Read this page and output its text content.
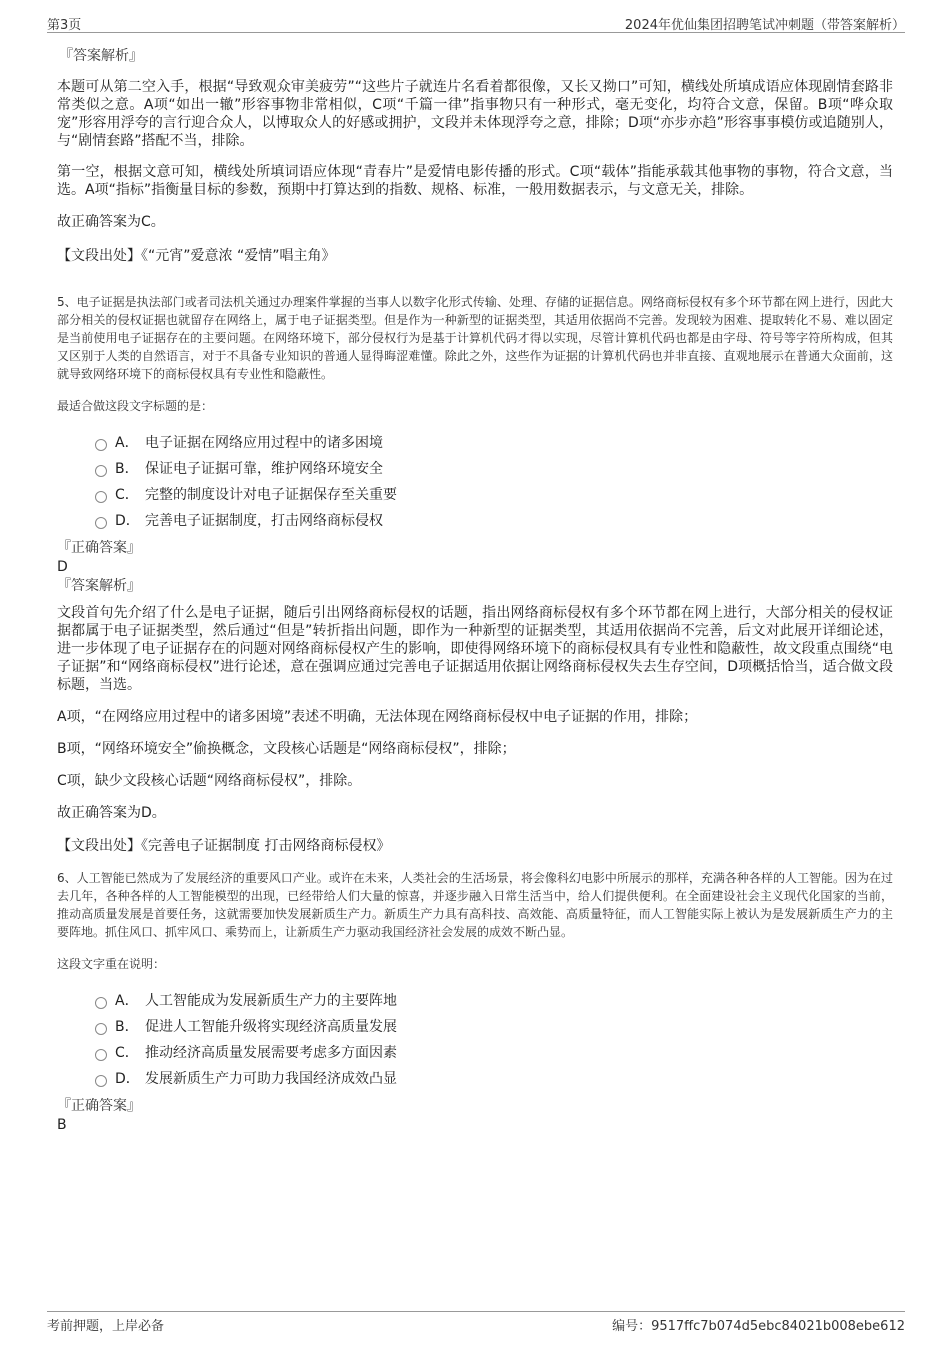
第3页	2024年优仙集团招聘笔试冲刺题（带答案解析）
『答案解析』

本题可从第二空入手，根据“导致观众审美疲劳”“这些片子就连片名看着都很像，又长又拗口”可知，横线处所填成语应体现剧情套路非常类似之意。A项“如出一辙”形容事物非常相似，C项“千篇一律”指事物只有一种形式，毫无变化，均符合文意，保留。B项“哗众取宠”形容用浮夸的言行迎合众人，以博取众人的好感或拥护，文段并未体现浮夸之意，排除；D项“亦步亦趋”形容事事模仿或追随别人，与“剧情套路”搭配不当，排除。

第一空，根据文意可知，横线处所填词语应体现“青春片”是爱情电影传播的形式。C项“载体”指能承载其他事物的事物，符合文意，当选。A项“指标”指衡量目标的参数，预期中打算达到的指数、规格、标准，一般用数据表示，与文意无关，排除。

故正确答案为C。

【文段出处】《“元宵”爱意浓 “爱情”唱主角》

5、电子证据是执法部门或者司法机关通过办理案件掌握的当事人以数字化形式传输、处理、存储的证据信息。网络商标侵权有多个环节都在网上进行，因此大部分相关的侵权证据也就留存在网络上，属于电子证据类型。但是作为一种新型的证据类型，其适用依据尚不完善。发现较为困难、提取转化不易、难以固定是当前使用电子证据存在的主要问题。在网络环境下，部分侵权行为是基于计算机代码才得以实现，尽管计算机代码也都是由字母、符号等字符所构成，但其又区别于人类的自然语言，对于不具备专业知识的普通人显得晦涩难懂。除此之外，这些作为证据的计算机代码也并非直接、直观地展示在普通大众面前，这就导致网络环境下的商标侵权具有专业性和隐蔽性。

最适合做这段文字标题的是：

A． 电子证据在网络应用过程中的诸多困境
B． 保证电子证据可靠，维护网络环境安全
C． 完整的制度设计对电子证据保存至关重要
D． 完善电子证据制度，打击网络商标侵权
『正确答案』
D
『答案解析』

文段首句先介绍了什么是电子证据，随后引出网络商标侵权的话题，指出网络商标侵权有多个环节都在网上进行，大部分相关的侵权证据都属于电子证据类型，然后通过“但是”转折指出问题，即作为一种新型的证据类型，其适用依据尚不完善，后文对此展开详细论述，进一步体现了电子证据存在的问题对网络商标侵权产生的影响，即使得网络环境下的商标侵权具有专业性和隐蔽性，故文段重点围绕“电子证据”和“网络商标侵权”进行论述，意在强调应通过完善电子证据适用依据让网络商标侵权失去生存空间，D项概括恰当，适合做文段标题，当选。

A项，“在网络应用过程中的诸多困境”表述不明确，无法体现在网络商标侵权中电子证据的作用，排除；

B项，“网络环境安全”偷换概念，文段核心话题是“网络商标侵权”，排除；

C项，缺少文段核心话题“网络商标侵权”，排除。

故正确答案为D。

【文段出处】《完善电子证据制度 打击网络商标侵权》

6、人工智能已然成为了发展经济的重要风口产业。或许在未来，人类社会的生活场景，将会像科幻电影中所展示的那样，充满各种各样的人工智能。因为在过去几年，各种各样的人工智能模型的出现，已经带给人们大量的惊喜，并逐步融入日常生活当中，给人们提供便利。在全面建设社会主义现代化国家的当前，推动高质量发展是首要任务，这就需要加快发展新质生产力。新质生产力具有高科技、高效能、高质量特征，而人工智能实际上被认为是发展新质生产力的主要阵地。抓住风口、抓牢风口、乘势而上，让新质生产力驱动我国经济社会发展的成效不断凸显。

这段文字重在说明：

A． 人工智能成为发展新质生产力的主要阵地
B． 促进人工智能升级将实现经济高质量发展
C． 推动经济高质量发展需要考虑多方面因素
D． 发展新质生产力可助力我国经济成效凸显
『正确答案』
B
考前押题，上岸必备	编号：9517ffc7b074d5ebc84021b008ebe612
